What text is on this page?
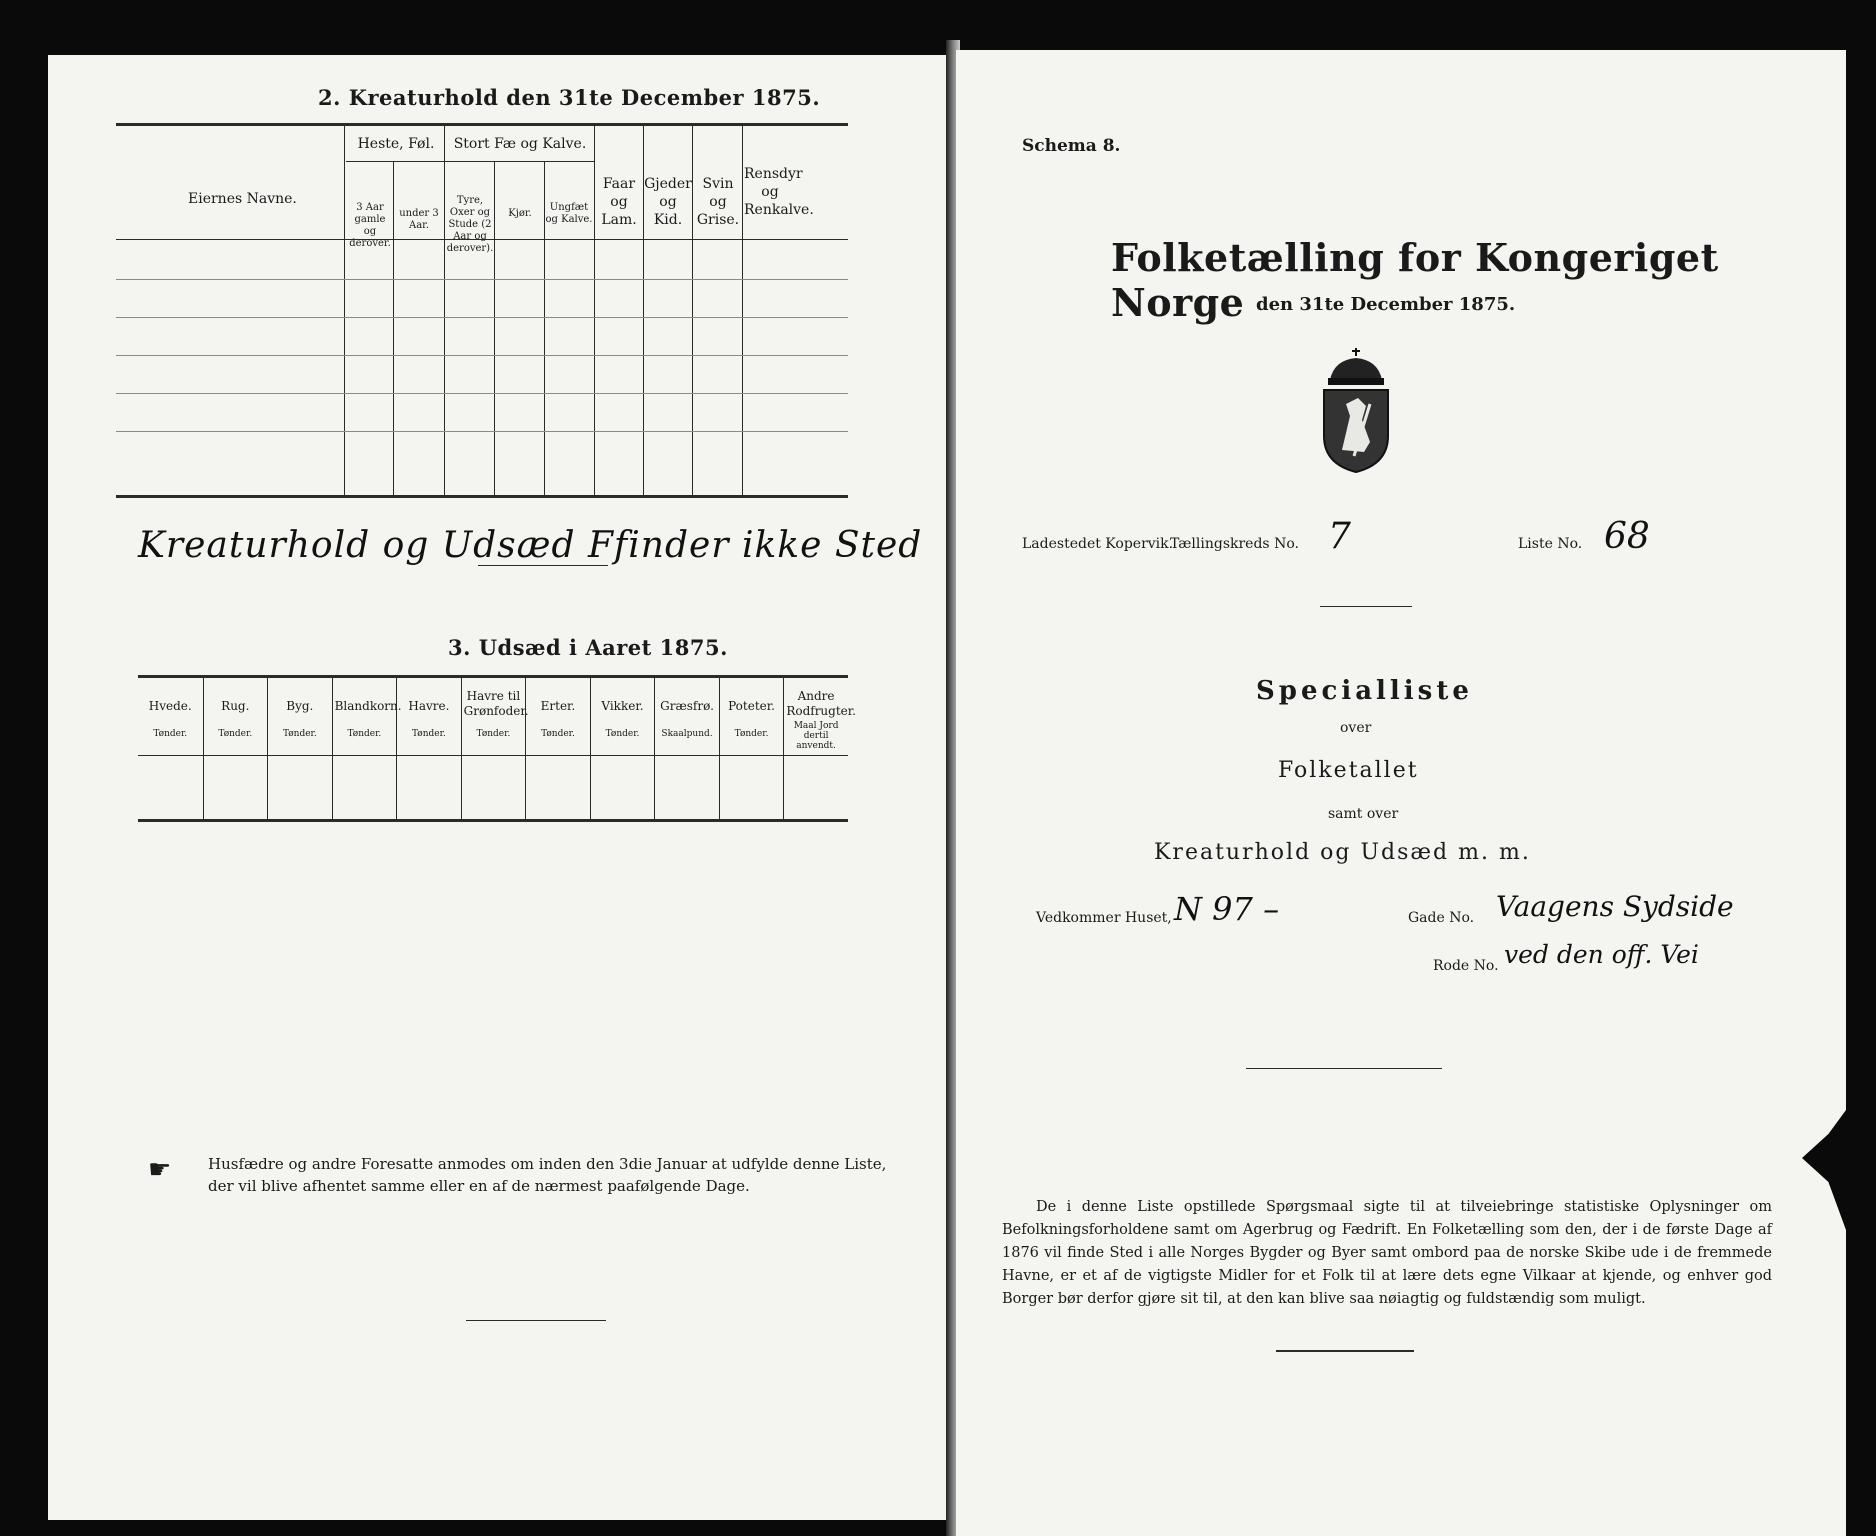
2. Kreaturhold den 31te December 1875.
Eiernes Navne.
Heste, Føl.
3 Aar gamle og derover.
under 3 Aar.
Stort Fæ og Kalve.
Tyre, Oxer og Stude (2 Aar og derover).
Kjør.
Ungfæt og Kalve.
Faar og Lam.
Gjeder og Kid.
Svin og Grise.
Rensdyr og Renkalve.
Kreaturhold og Udsæd Ffinder ikke Sted
3. Udsæd i Aaret 1875.
Hvede.
Tønder.
Rug.
Tønder.
Byg.
Tønder.
Blandkorn.
Tønder.
Havre.
Tønder.
Havre til Grønfoder.
Tønder.
Erter.
Tønder.
Vikker.
Tønder.
Græsfrø.
Skaalpund.
Poteter.
Tønder.
Andre Rodfrugter.
Maal Jord dertil anvendt.
☛ Husfædre og andre Foresatte anmodes om inden den 3die Januar at udfylde denne Liste, der vil blive afhentet samme eller en af de nærmest paafølgende Dage.
Schema 8.
Folketælling for Kongeriget Norge den 31te December 1875.
Ladestedet Kopervik.
Tællingskreds No. 7	Liste No. 68
Specialliste
over
Folketallet
samt over
Kreaturhold og Udsæd m. m.
Vedkommer Huset, N 97 –	Gade No. Vaagens Sydside
Rode No. ved den off. Vei
De i denne Liste opstillede Spørgsmaal sigte til at tilveiebringe statistiske Oplysninger om Befolkningsforholdene samt om Agerbrug og Fædrift. En Folketælling som den, der i de første Dage af 1876 vil finde Sted i alle Norges Bygder og Byer samt ombord paa de norske Skibe ude i de fremmede Havne, er et af de vigtigste Midler for et Folk til at lære dets egne Vilkaar at kjende, og enhver god Borger bør derfor gjøre sit til, at den kan blive saa nøiagtig og fuldstændig som muligt.
